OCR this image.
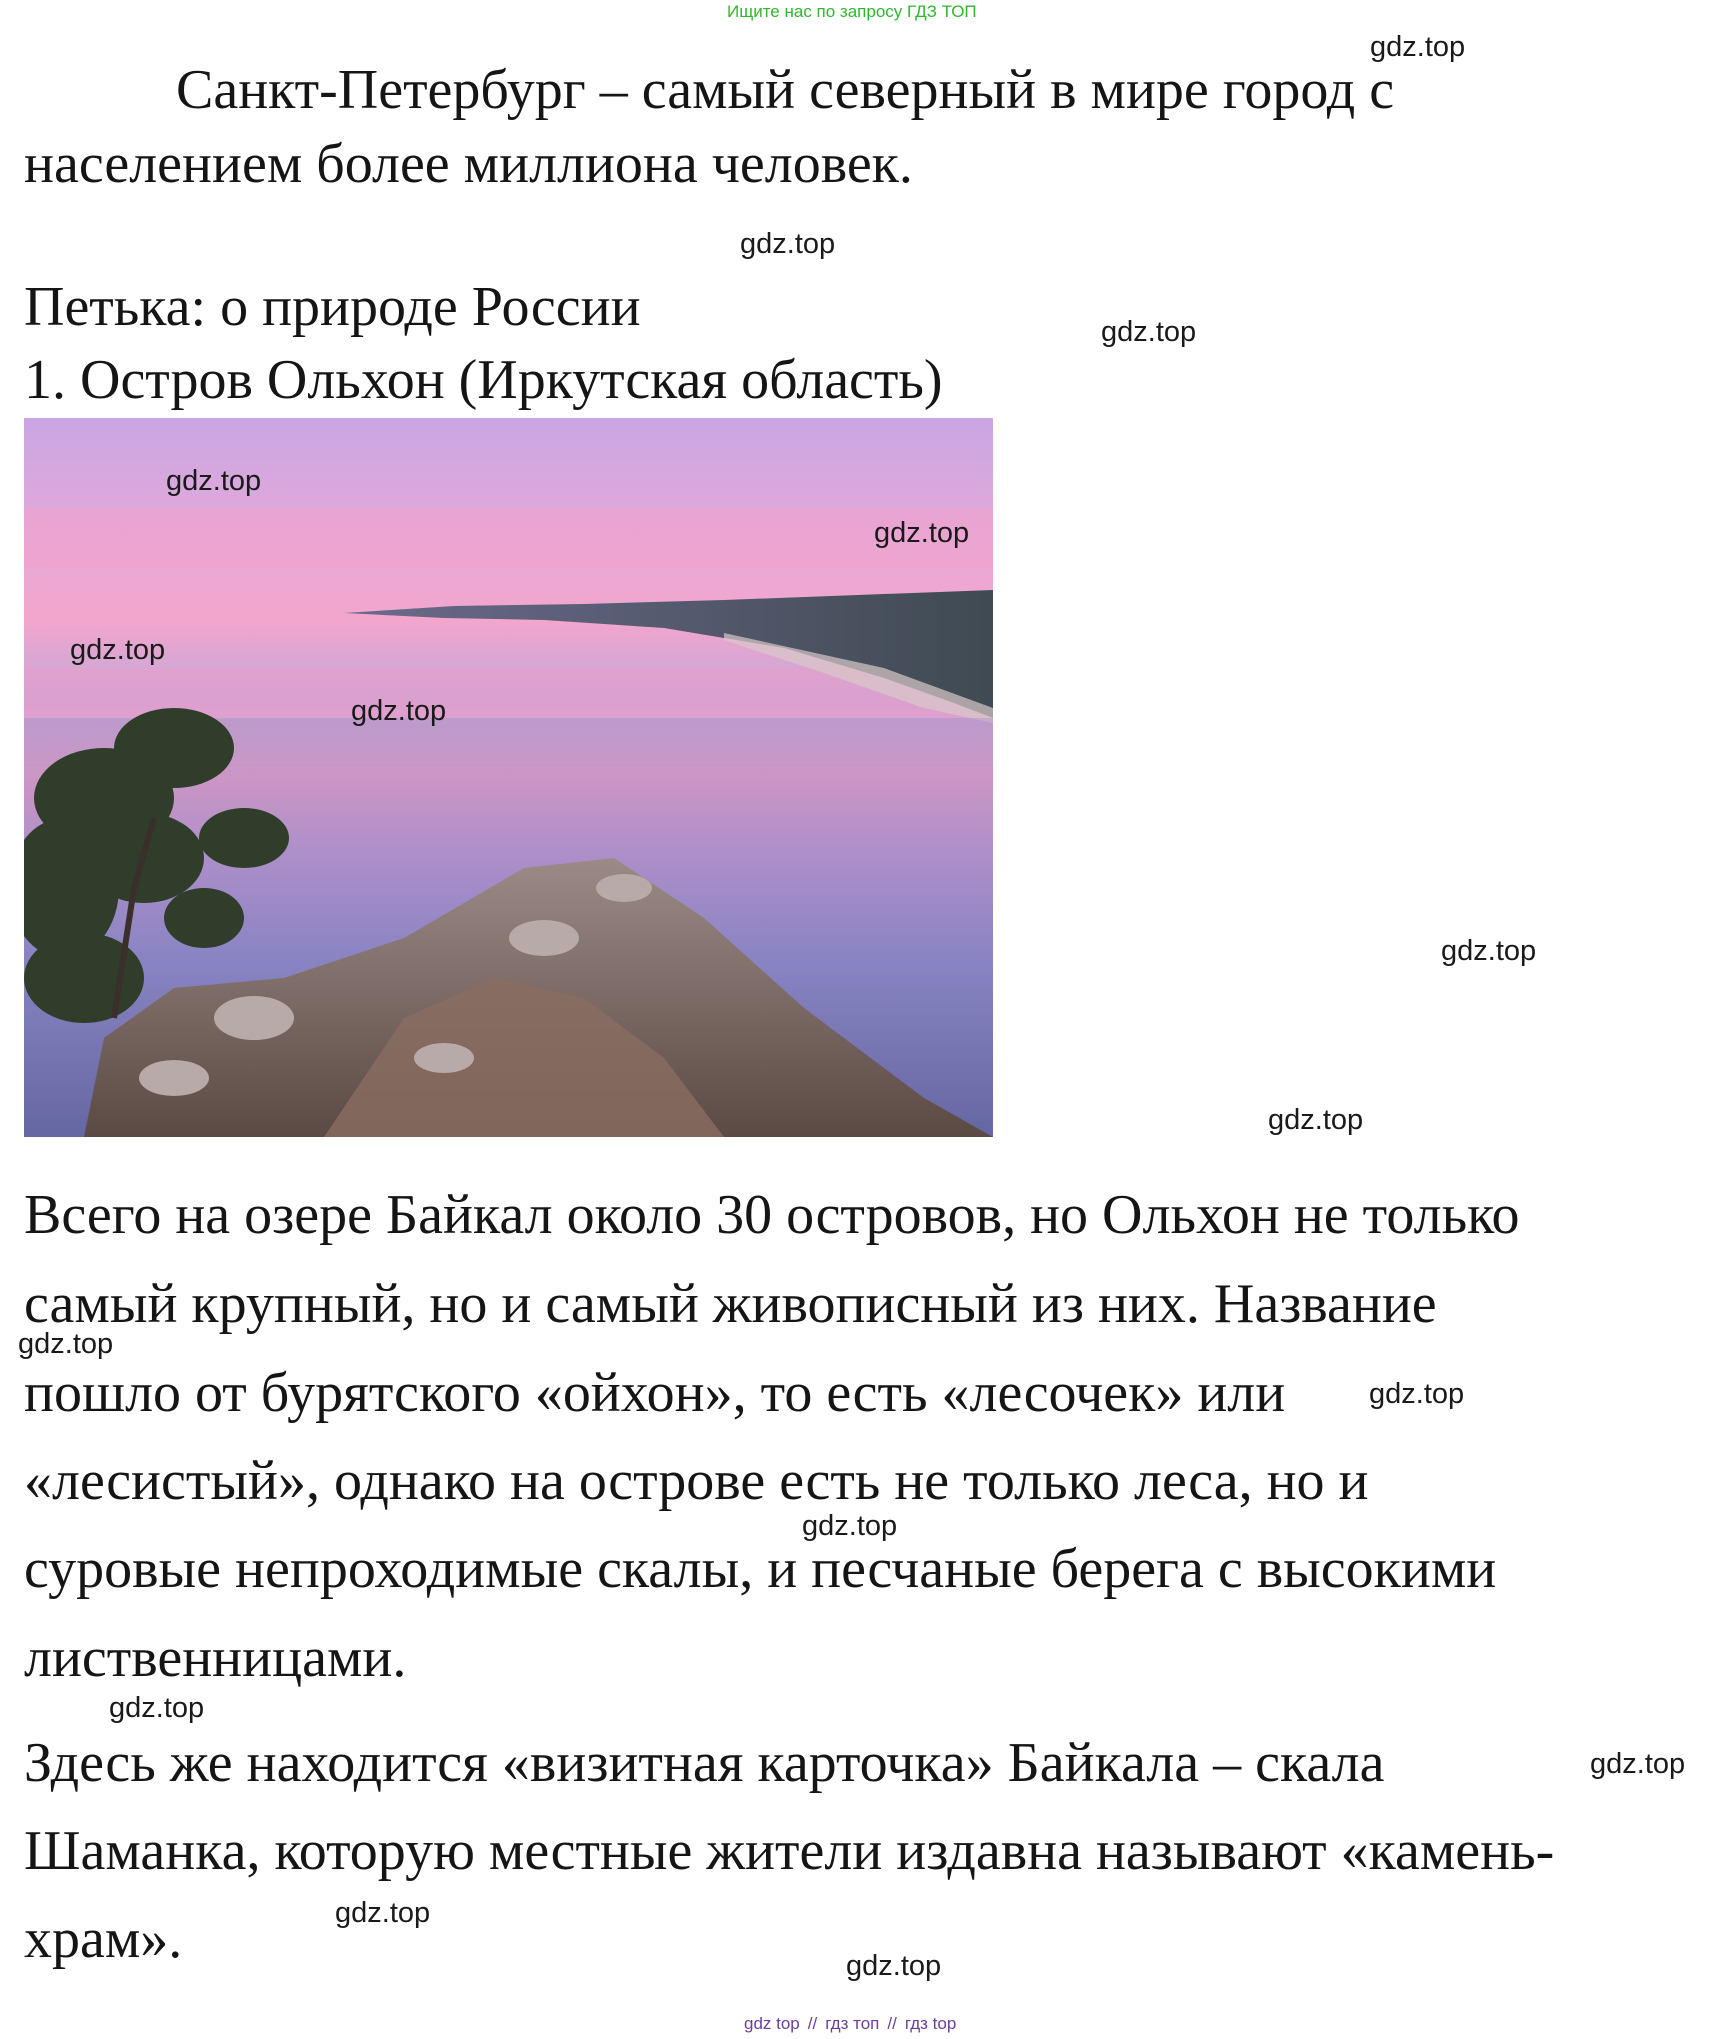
Ищите нас по запросу ГДЗ ТОП
Санкт-Петербург – самый северный в мире город с
населением более миллиона человек.
Петька: о природе России
1. Остров Ольхон (Иркутская область)
Всего на озере Байкал около 30 островов, но Ольхон не только
самый крупный, но и самый живописный из них. Название
пошло от бурятского «ойхон», то есть «лесочек» или
«лесистый», однако на острове есть не только леса, но и
суровые непроходимые скалы, и песчаные берега с высокими
лиственницами.
Здесь же находится «визитная карточка» Байкала – скала
Шаманка, которую местные жители издавна называют «камень-
храм».
gdz.top
gdz.top
gdz.top
gdz.top
gdz.top
gdz.top
gdz.top
gdz.top
gdz.top
gdz.top
gdz.top
gdz.top
gdz.top
gdz.top
gdz.top
gdz.top
gdz top // гдз топ // гдз top
